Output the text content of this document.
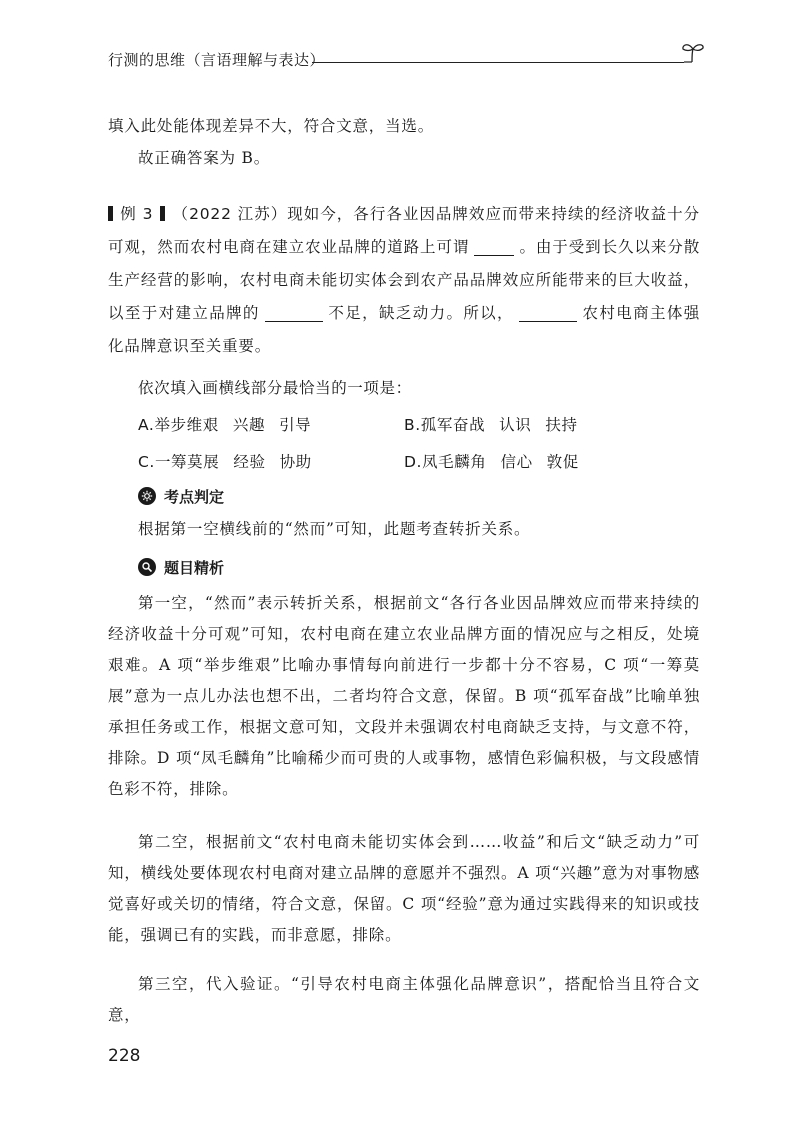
行测的思维（言语理解与表达）

填入此处能体现差异不大，符合文意，当选。

故正确答案为 B。

例 3 （2022 江苏）现如今，各行各业因品牌效应而带来持续的经济收益十分可观，然而农村电商在建立农业品牌的道路上可谓	。由于受到长久以来分散生产经营的影响，农村电商未能切实体会到农产品品牌效应所能带来的巨大收益，以至于对建立品牌的	不足，缺乏动力。所以，	农村电商主体强化品牌意识至关重要。

依次填入画横线部分最恰当的一项是：
A.举步维艰 兴趣 引导	B.孤军奋战 认识 扶持
C.一筹莫展 经验 协助	D.凤毛麟角 信心 敦促
考点判定

根据第一空横线前的“然而”可知，此题考查转折关系。

题目精析

第一空，“然而”表示转折关系，根据前文“各行各业因品牌效应而带来持续的经济收益十分可观”可知，农村电商在建立农业品牌方面的情况应与之相反，处境艰难。A 项“举步维艰”比喻办事情每向前进行一步都十分不容易，C 项“一筹莫展”意为一点儿办法也想不出，二者均符合文意，保留。B 项“孤军奋战”比喻单独承担任务或工作，根据文意可知，文段并未强调农村电商缺乏支持，与文意不符，排除。D 项“凤毛麟角”比喻稀少而可贵的人或事物，感情色彩偏积极，与文段感情色彩不符，排除。

第二空，根据前文“农村电商未能切实体会到……收益”和后文“缺乏动力”可知，横线处要体现农村电商对建立品牌的意愿并不强烈。A 项“兴趣”意为对事物感觉喜好或关切的情绪，符合文意，保留。C 项“经验”意为通过实践得来的知识或技能，强调已有的实践，而非意愿，排除。

第三空，代入验证。“引导农村电商主体强化品牌意识”，搭配恰当且符合文意，

228
